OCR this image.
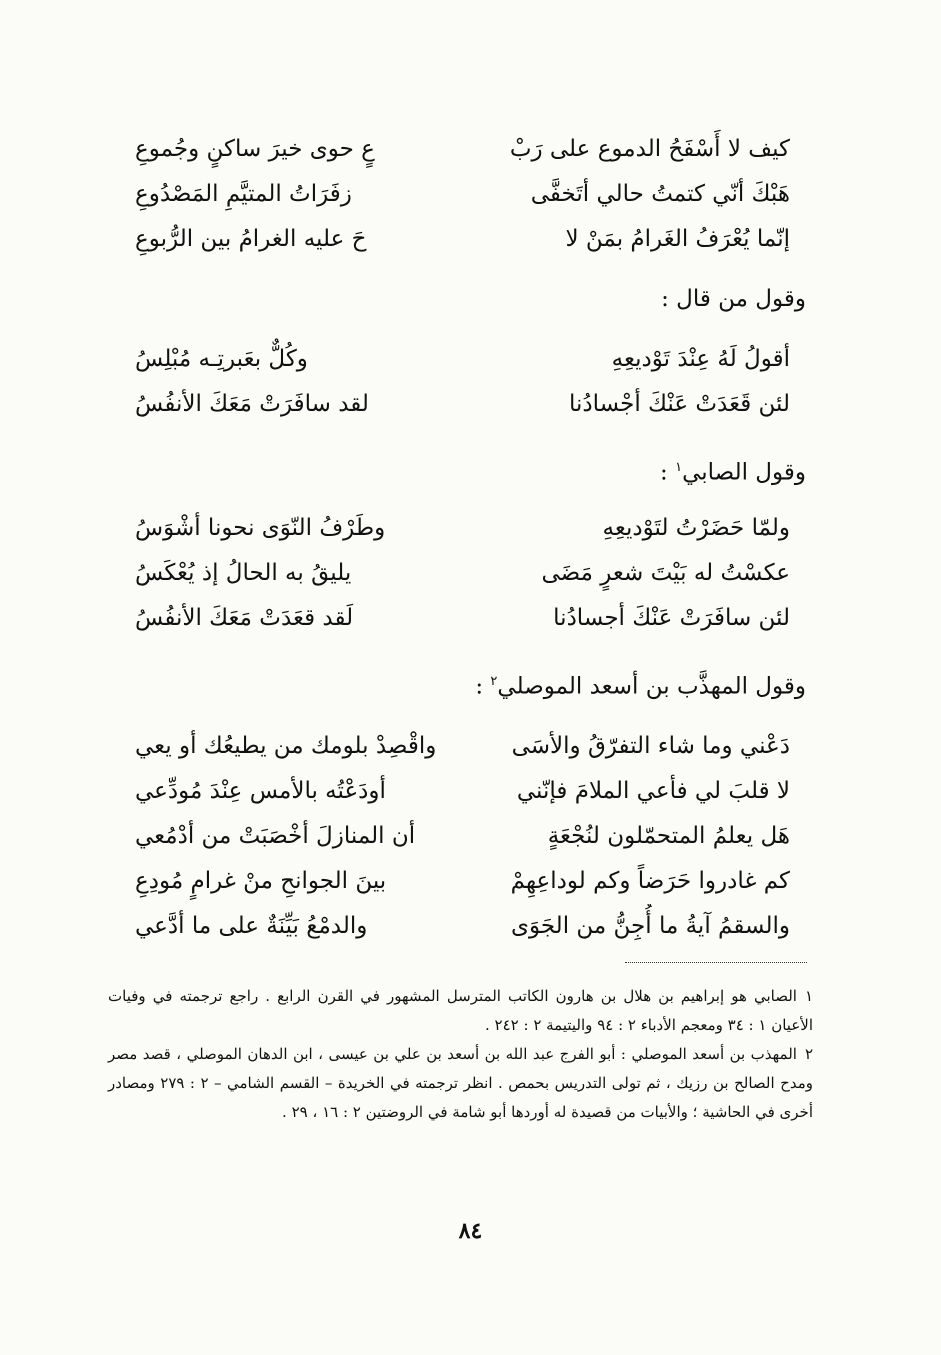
كيف لا أَسْفَحُ الدموع على رَبْ
عٍ حوى خيرَ ساكنٍ وجُموعِ
هَبْكَ أنّي كتمتُ حالي أتَخفَّى
زفَرَاتُ المتيَّمِ المَصْدُوعِ
إنّما يُعْرَفُ الغَرامُ بمَنْ لا
حَ عليه الغرامُ بين الرُّبوعِ
وقول من قال :
أقولُ لَهُ عِنْدَ تَوْديعِهِ
وكُلٌّ بعَبرتِـه مُبْلِسُ
لئن قَعَدَتْ عَنْكَ أجْسادُنا
لقد سافَرَتْ مَعَكَ الأنفُسُ
وقول الصابي$^١$ :
ولمّا حَضَرْتُ لتَوْديعِهِ
وطَرْفُ النّوَى نحونا أشْوَسُ
عكسْتُ له بَيْتَ شعرٍ مَضَى
يليقُ به الحالُ إذ يُعْكَسُ
لئن سافَرَتْ عَنْكَ أجسادُنا
لَقد قعَدَتْ مَعَكَ الأنفُسُ
وقول المهذَّب بن أسعد الموصلي$^٢$ :
دَعْني وما شاء التفرّقُ والأسَى
واقْصِدْ بلومك من يطيعُك أو يعي
لا قلبَ لي فأعي الملامَ فإنّني
أودَعْتُه بالأمس عِنْدَ مُودِّعي
هَل يعلمُ المتحمّلون لنُجْعَةٍ
أن المنازلَ أخْصَبَتْ من أدْمُعي
كم غادروا حَرَضاً وكم لوداعِهِمْ
بينَ الجوانحِ منْ غرامٍ مُودِعِ
والسقمُ آيةُ ما أُجِنُّ من الجَوَى
والدمْعُ بَيِّنَةٌ على ما أدَّعي

١الصابي هو إبراهيم بن هلال بن هارون الكاتب المترسل المشهور في القرن الرابع . راجع ترجمته في وفيات الأعيان ١ : ٣٤ ومعجم الأدباء ٢ : ٩٤ واليتيمة ٢ : ٢٤٢ .

٢المهذب بن أسعد الموصلي : أبو الفرج عبد الله بن أسعد بن علي بن عيسى ، ابن الدهان الموصلي ، قصد مصر ومدح الصالح بن رزيك ، ثم تولى التدريس بحمص . انظر ترجمته في الخريدة – القسم الشامي – ٢ : ٢٧٩ ومصادر أخرى في الحاشية ؛ والأبيات من قصيدة له أوردها أبو شامة في الروضتين ٢ : ١٦ ، ٢٩ .

٨٤
